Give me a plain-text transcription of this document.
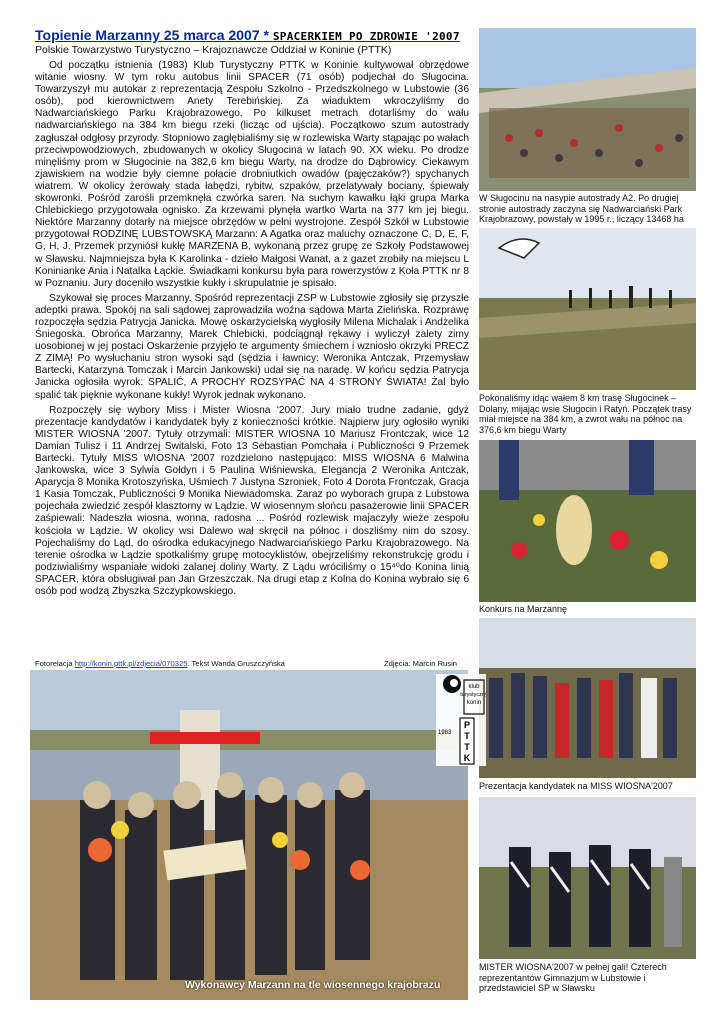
Topienie Marzanny 25 marca 2007 * SPACERKIEM PO ZDROWIE '2007
Polskie Towarzystwo Turystyczno – Krajoznawcze Oddział w Koninie (PTTK)

Od początku istnienia (1983) Klub Turystyczny PTTK w Koninie kultywował obrzędowe witanie wiosny. W tym roku autobus linii SPACER (71 osób) podjechał do Sługocina. Towarzyszył mu autokar z reprezentacją Zespołu Szkolno - Przedszkolnego w Lubstowie (36 osób), pod kierownictwem Anety Terebińskiej. Za wiaduktem wkroczyliśmy do Nadwarciańskiego Parku Krajobrazowego. Po kilkuset metrach dotarliśmy do wału nadwarciańskiego na 384 km biegu rzeki (licząc od ujścia). Początkowo szum autostrady zagłuszał odgłosy przyrody. Stopniowo zagłębialiśmy się w rozlewiska Warty stąpając po wałach przeciwpowodziowych, zbudowanych w okolicy Sługocina w latach 90. XX wieku. Po drodze minęliśmy prom w Sługocinie na 382,6 km biegu Warty, na drodze do Dąbrowicy. Ciekawym zjawiskiem na wodzie były ciemne połacie drobniutkich owadów (pajęczaków?) spychanych wiatrem. W okolicy żerowały stada łabędzi, rybitw, szpaków, przelatywały bociany, śpiewały skowronki. Pośród zarośli przemknęła czwórka saren. Na suchym kawałku łąki grupa Marka Chlebickiego przygotowała ognisko. Za krzewami płynęła wartko Warta na 377 km jej biegu. Niektóre Marzanny dotarły na miejsce obrzędów w pełni wystrojone. Zespół Szkół w Lubstowie przygotował RODZINĘ LUBSTOWSKĄ Marzann: A Agatka oraz maluchy oznaczone C, D, E, F, G, H, J. Przemek przyniósł kukłę MARZENA B, wykonaną przez grupę ze Szkoły Podstawowej w Sławsku. Najmniejsza była K Karolinka - dzieło Małgosi Wanat, a z gazet zrobiły na miejscu L Koninianke Ania i Natalka Łąckie. Świadkami konkursu była para rowerzystów z Koła PTTK nr 8 w Poznaniu. Jury doceniło wszystkie kukły i skrupulatnie je spisało.

Szykował się proces Marzanny. Spośród reprezentacji ZSP w Lubstowie zgłosiły się przyszłe adeptki prawa. Spokój na sali sądowej zaprowadziła woźna sądowa Marta Zielińska. Rozprawę rozpoczęła sędzia Patrycja Janicka. Mowę oskarżycielską wygłosiły Milena Michalak i Andżelika Śniegoska. Obrońca Marzanny, Marek Chlebicki, podciągnął rękawy i wyliczył zalety zimy uosobionej w jej postaci Oskarżenie przyjęło te argumenty śmiechem i wzniosło okrzyki PRECZ Z ZIMĄ! Po wysłuchaniu stron wysoki sąd (sędzia i ławnicy: Weronika Antczak, Przemysław Bartecki, Katarzyna Tomczak i Marcin Jankowski) udał się na naradę. W końcu sędzia Patrycja Janicka ogłosiła wyrok: SPALIĆ, A PROCHY ROZSYPAĆ NA 4 STRONY ŚWIATA! Żal było spalić tak pięknie wykonane kukły! Wyrok jednak wykonano.

Rozpoczęły się wybory Miss i Mister Wiosna '2007. Jury miało trudne zadanie, gdyż prezentacje kandydatów i kandydatek były z konieczności krótkie. Najpierw jury ogłosiło wyniki MISTER WIOSNA '2007. Tytuły otrzymali: MISTER WIOSNA 10 Mariusz Frontczak, wice 12 Damian Tulisz i 11 Andrzej Switalski, Foto 13 Sebastian Pomchała i Publiczności 9 Przemek Bartecki. Tytuły MISS WIOSNA '2007 rozdzielono następująco: MISS WIOSNA 6 Malwina Jankowska, wice 3 Sylwia Gołdyn i 5 Paulina Wiśniewska, Elegancja 2 Weronika Antczak, Aparycja 8 Monika Krotoszyńska, Uśmiech 7 Justyna Szroniek, Foto 4 Dorota Frontczak, Gracja 1 Kasia Tomczak, Publiczności 9 Monika Niewiadomska. Zaraz po wyborach grupa z Lubstowa pojechała zwiedzić zespół klasztorny w Lądzie. W wiosennym słońcu pasażerowie linii SPACER zaśpiewali: Nadeszła wiosna, wonna, radosna ... Pośród rozlewisk majaczyły wieże zespołu kościoła w Lądzie. W okolicy wsi Dalewo wał skręcił na północ i doszliśmy nim do szosy. Pojechaliśmy do Ląd, do ośrodka edukacyjnego Nadwarciańskiego Parku Krajobrazowego. Na terenie ośrodka w Lądzie spotkaliśmy grupę motocyklistów, obejrzeliśmy rekonstrukcję grodu i podziwialiśmy wspaniałe widoki zalanej doliny Warty. Z Lądu wróciliśmy o 15⁴⁰do Konina linią SPACER, która obsługiwał pan Jan Grzeszczak. Na drugi etap z Kolna do Konina wybrało się 6 osób pod wodzą Zbyszka Szczypkowskiego.

Fotorelacja http://konin.pttk.pl/zdjecia/070325. Tekst Wanda Gruszczyńska	Zdjęcia: Marcin Rusin
W Sługocinu na nasypie autostrady A2. Po drugiej stronie autostrady zaczyna się Nadwarciański Park Krajobrazowy, powstały w 1995 r., liczący 13468 ha
Pokonaliśmy idąc wałem 8 km trasę Sługocinek – Dolany, mijając wsie Sługocin i Ratyń. Początek trasy miał miejsce na 384 km, a zwrot wału na północ na 376,6 km biegu Warty
Konkurs na Marzannę
Prezentacja kandydatek na MISS WIOSNA'2007
MISTER WIOSNA'2007 w pełnej gali! Czterech reprezentantów Gimnazjum w Lubstowie i przedstawiciel SP w Sławsku
klub
turystyczny
konin
1983
P
T
T
K
Wykonawcy Marzann na tle wiosennego krajobrazu
